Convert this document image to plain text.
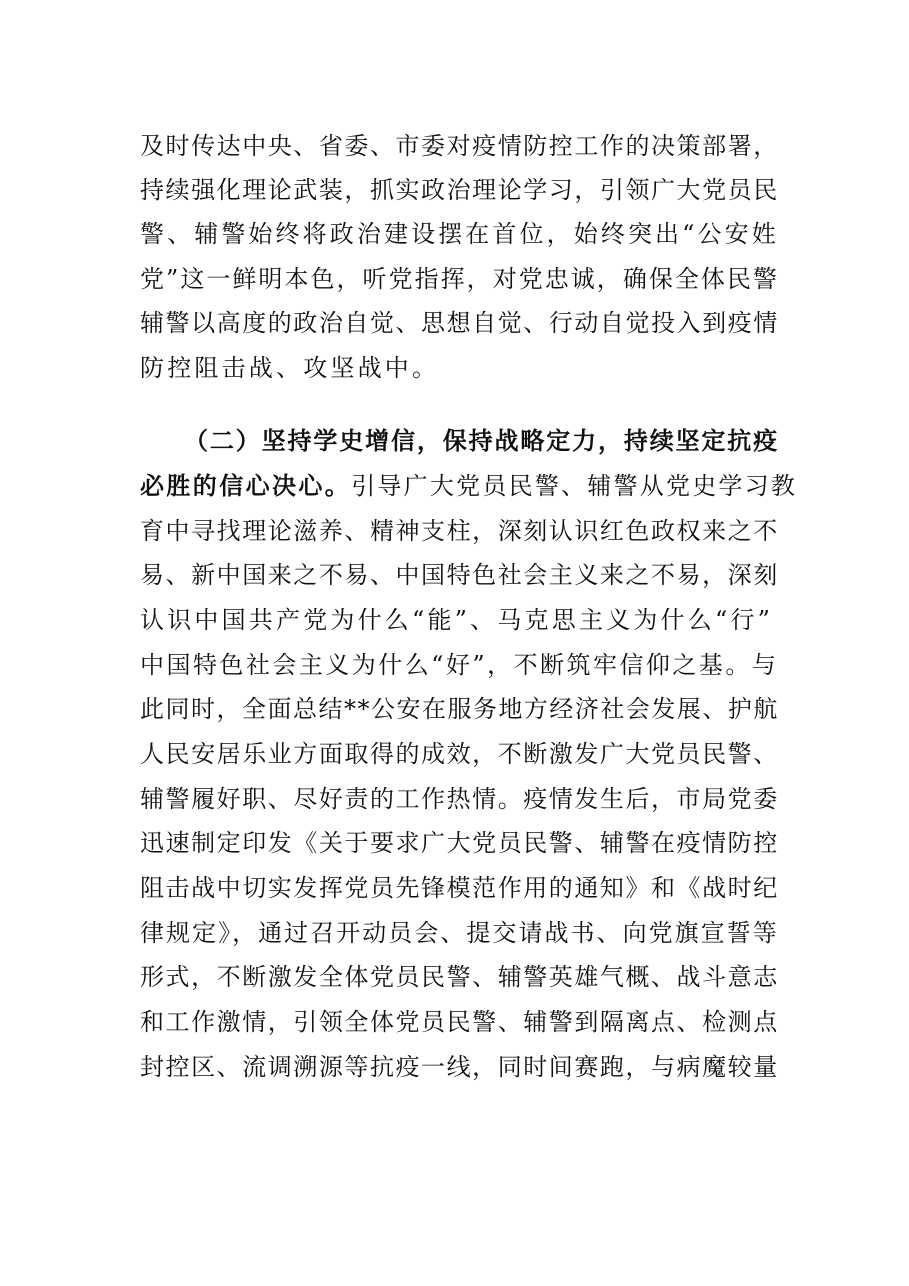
及时传达中央、省委、市委对疫情防控工作的决策部署，
持续强化理论武装，抓实政治理论学习，引领广大党员民
警、辅警始终将政治建设摆在首位，始终突出“公安姓
党”这一鲜明本色，听党指挥，对党忠诚，确保全体民警
辅警以高度的政治自觉、思想自觉、行动自觉投入到疫情
防控阻击战、攻坚战中。
（二）坚持学史增信，保持战略定力，持续坚定抗疫
必胜的信心决心。引导广大党员民警、辅警从党史学习教
育中寻找理论滋养、精神支柱，深刻认识红色政权来之不
易、新中国来之不易、中国特色社会主义来之不易，深刻
认识中国共产党为什么“能”、马克思主义为什么“行”
中国特色社会主义为什么“好”，不断筑牢信仰之基。与
此同时，全面总结**公安在服务地方经济社会发展、护航
人民安居乐业方面取得的成效，不断激发广大党员民警、
辅警履好职、尽好责的工作热情。疫情发生后，市局党委
迅速制定印发《关于要求广大党员民警、辅警在疫情防控
阻击战中切实发挥党员先锋模范作用的通知》和《战时纪
律规定》，通过召开动员会、提交请战书、向党旗宣誓等
形式，不断激发全体党员民警、辅警英雄气概、战斗意志
和工作激情，引领全体党员民警、辅警到隔离点、检测点
封控区、流调溯源等抗疫一线，同时间赛跑，与病魔较量
